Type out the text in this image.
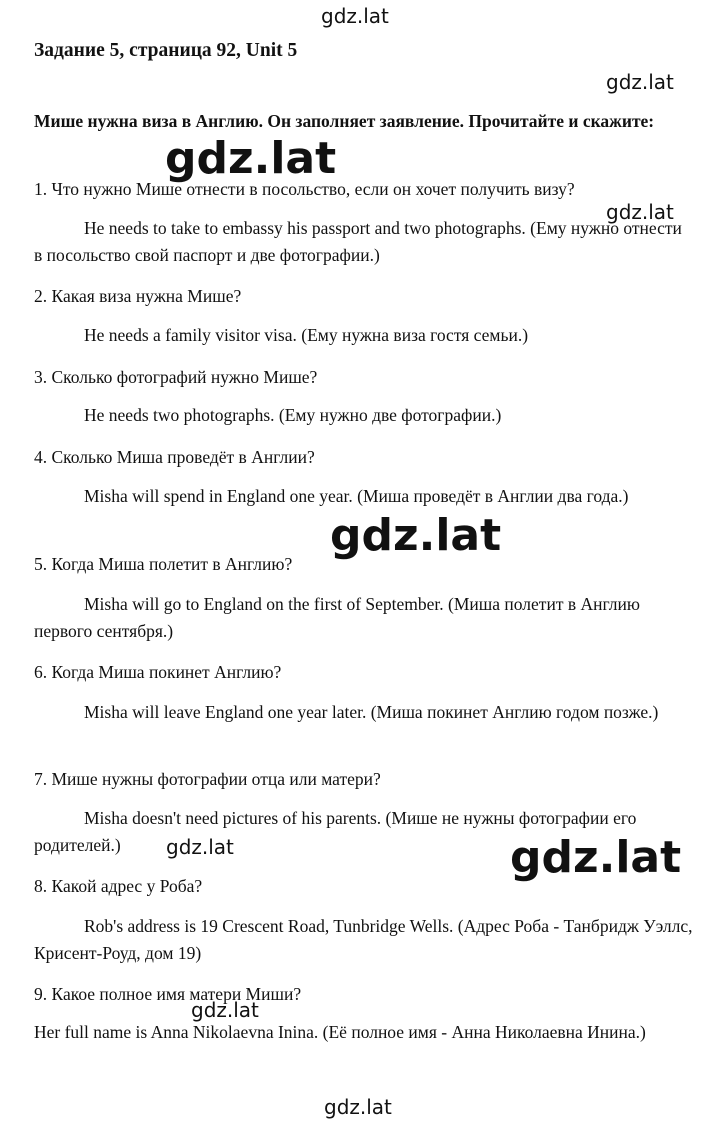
Задание 5, страница 92, Unit 5

Мише нужна виза в Англию. Он заполняет заявление. Прочитайте и скажите:

1. Что нужно Мише отнести в посольство, если он хочет получить визу?

He needs to take to embassy his passport and two photographs. (Ему нужно отнести в посольство свой паспорт и две фотографии.)

2. Какая виза нужна Мише?

He needs a family visitor visa. (Ему нужна виза гостя семьи.)

3. Сколько фотографий нужно Мише?

He needs two photographs. (Ему нужно две фотографии.)

4. Сколько Миша проведёт в Англии?

Misha will spend in England one year. (Миша проведёт в Англии два года.)

5. Когда Миша полетит в Англию?

Misha will go to England on the first of September. (Миша полетит в Англию первого сентября.)

6. Когда Миша покинет Англию?

Misha will leave England one year later. (Миша покинет Англию годом позже.)

7. Мише нужны фотографии отца или матери?

Misha doesn't need pictures of his parents. (Мише не нужны фотографии его родителей.)

8. Какой адрес у Роба?

Rob's address is 19 Crescent Road, Tunbridge Wells. (Адрес Роба - Танбридж Уэллс, Крисент-Роуд, дом 19)

9. Какое полное имя матери Миши?

Her full name is Anna Nikolaevna Inina. (Её полное имя - Анна Николаевна Инина.)

gdz.lat
gdz.lat
gdz.lat
gdz.lat
gdz.lat
gdz.lat	gdz.lat
gdz.lat
gdz.lat
